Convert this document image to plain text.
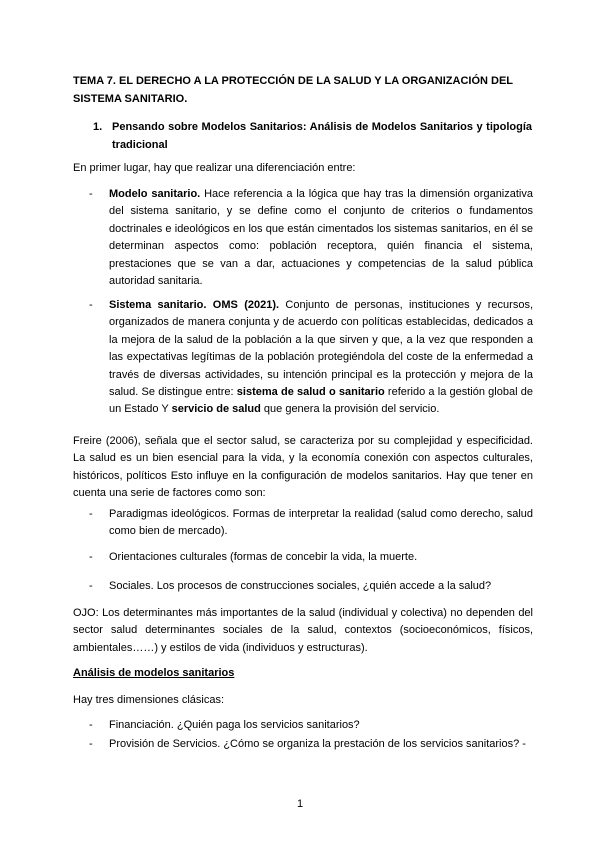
TEMA 7. EL DERECHO A LA PROTECCIÓN DE LA SALUD Y LA ORGANIZACIÓN DEL SISTEMA SANITARIO.
1. Pensando sobre Modelos Sanitarios: Análisis de Modelos Sanitarios y tipología tradicional
En primer lugar, hay que realizar una diferenciación entre:
- Modelo sanitario. Hace referencia a la lógica que hay tras la dimensión organizativa del sistema sanitario, y se define como el conjunto de criterios o fundamentos doctrinales e ideológicos en los que están cimentados los sistemas sanitarios, en él se determinan aspectos como: población receptora, quién financia el sistema, prestaciones que se van a dar, actuaciones y competencias de la salud pública autoridad sanitaria.
- Sistema sanitario. OMS (2021). Conjunto de personas, instituciones y recursos, organizados de manera conjunta y de acuerdo con políticas establecidas, dedicados a la mejora de la salud de la población a la que sirven y que, a la vez que responden a las expectativas legítimas de la población protegiéndola del coste de la enfermedad a través de diversas actividades, su intención principal es la protección y mejora de la salud. Se distingue entre: sistema de salud o sanitario referido a la gestión global de un Estado Y servicio de salud que genera la provisión del servicio.
Freire (2006), señala que el sector salud, se caracteriza por su complejidad y especificidad. La salud es un bien esencial para la vida, y la economía conexión con aspectos culturales, históricos, políticos Esto influye en la configuración de modelos sanitarios. Hay que tener en cuenta una serie de factores como son:
- Paradigmas ideológicos. Formas de interpretar la realidad (salud como derecho, salud como bien de mercado).
- Orientaciones culturales (formas de concebir la vida, la muerte.
- Sociales. Los procesos de construcciones sociales, ¿quién accede a la salud?
OJO: Los determinantes más importantes de la salud (individual y colectiva) no dependen del sector salud determinantes sociales de la salud, contextos (socioeconómicos, físicos, ambientales……) y estilos de vida (individuos y estructuras).
Análisis de modelos sanitarios
Hay tres dimensiones clásicas:
- Financiación. ¿Quién paga los servicios sanitarios?
- Provisión de Servicios. ¿Cómo se organiza la prestación de los servicios sanitarios? -
1
